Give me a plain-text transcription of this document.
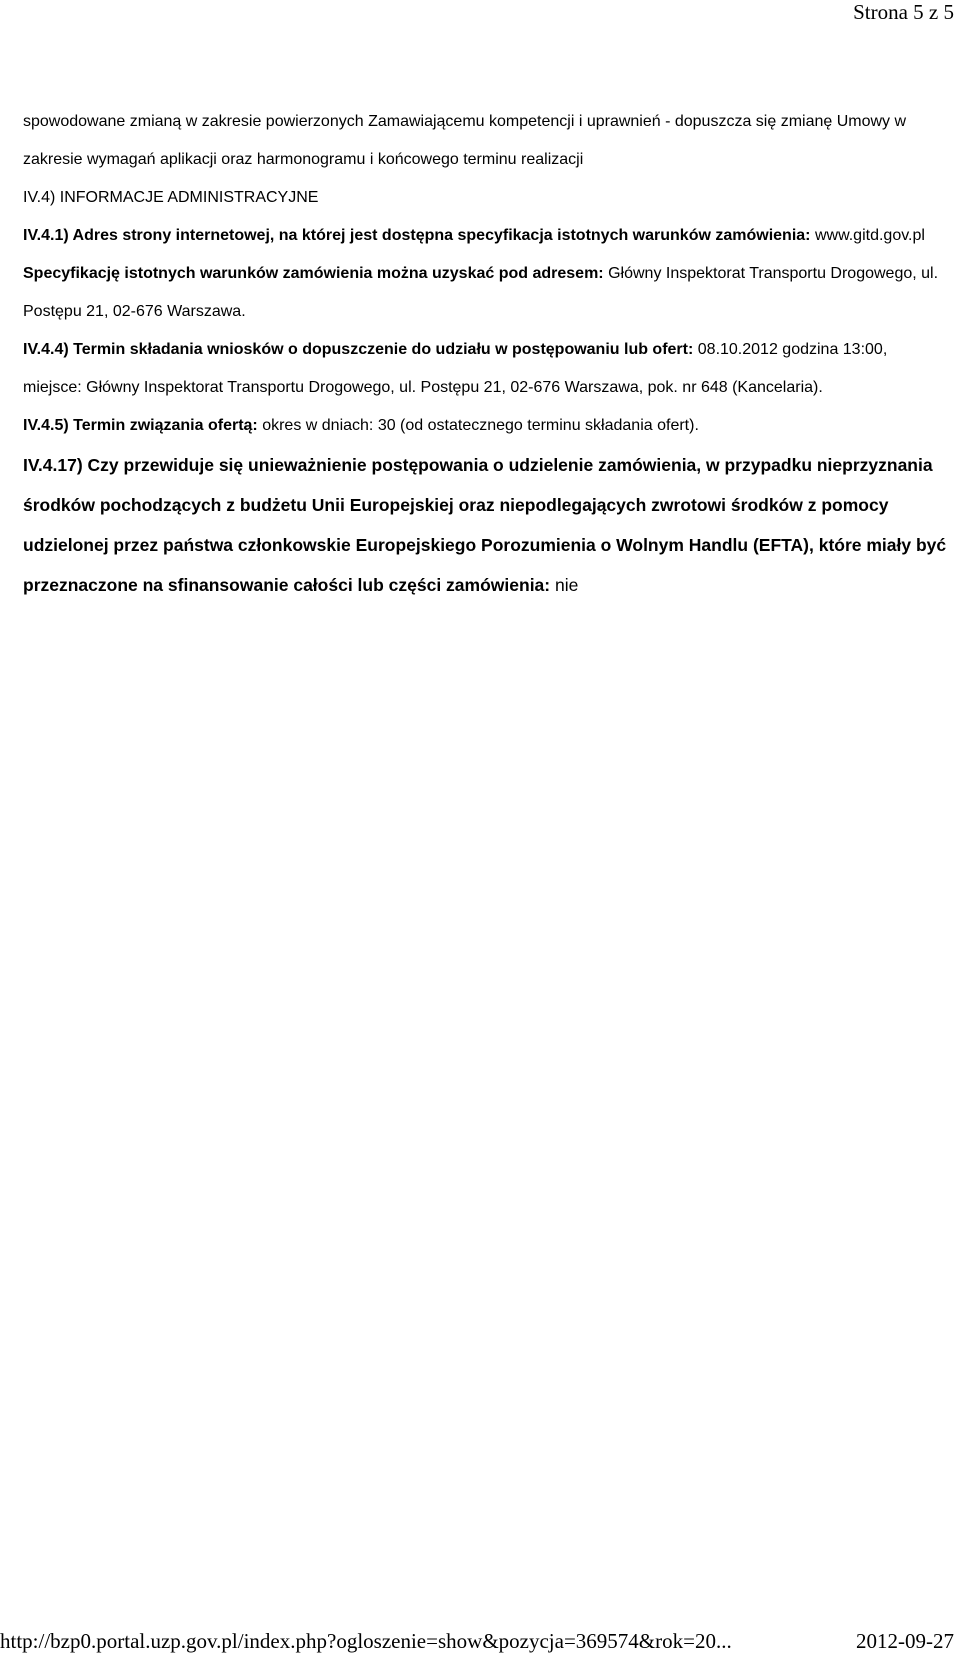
Strona 5 z 5

spowodowane zmianą w zakresie powierzonych Zamawiającemu kompetencji i uprawnień - dopuszcza się zmianę Umowy w zakresie wymagań aplikacji oraz harmonogramu i końcowego terminu realizacji

IV.4) INFORMACJE ADMINISTRACYJNE

IV.4.1) Adres strony internetowej, na której jest dostępna specyfikacja istotnych warunków zamówienia: www.gitd.gov.pl

Specyfikację istotnych warunków zamówienia można uzyskać pod adresem: Główny Inspektorat Transportu Drogowego, ul. Postępu 21, 02-676 Warszawa.

IV.4.4) Termin składania wniosków o dopuszczenie do udziału w postępowaniu lub ofert: 08.10.2012 godzina 13:00, miejsce: Główny Inspektorat Transportu Drogowego, ul. Postępu 21, 02-676 Warszawa, pok. nr 648 (Kancelaria).

IV.4.5) Termin związania ofertą: okres w dniach: 30 (od ostatecznego terminu składania ofert).

IV.4.17) Czy przewiduje się unieważnienie postępowania o udzielenie zamówienia, w przypadku nieprzyznania środków pochodzących z budżetu Unii Europejskiej oraz niepodlegających zwrotowi środków z pomocy udzielonej przez państwa członkowskie Europejskiego Porozumienia o Wolnym Handlu (EFTA), które miały być przeznaczone na sfinansowanie całości lub części zamówienia: nie

http://bzp0.portal.uzp.gov.pl/index.php?ogloszenie=show&pozycja=369574&rok=20...	2012-09-27
